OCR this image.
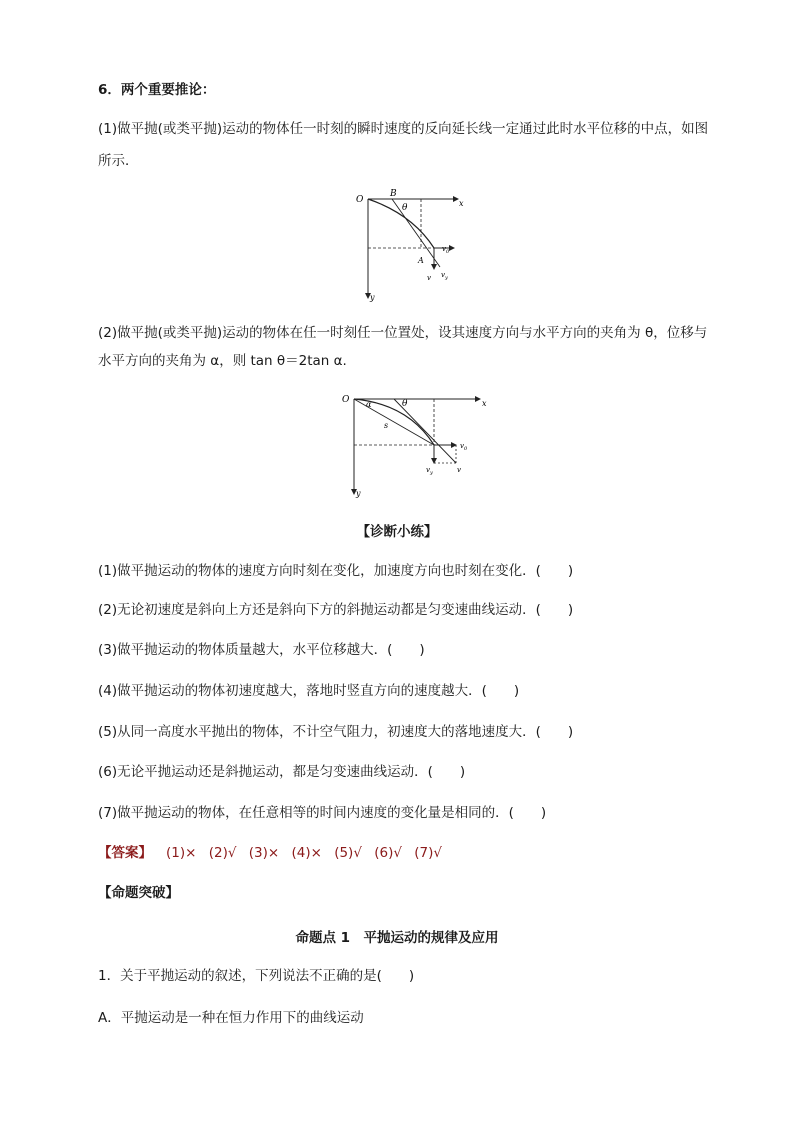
6．两个重要推论：
(1)做平抛(或类平抛)运动的物体任一时刻的瞬时速度的反向延长线一定通过此时水平位移的中点，如图
所示．
O
B
θ	x
y
A
$v_0$
$v_y$
v
(2)做平抛(或类平抛)运动的物体在任一时刻任一位置处，设其速度方向与水平方向的夹角为 θ，位移与
水平方向的夹角为 α，则 tan θ＝2tan α.
O α	θ	x
y
s
$v_0$
$v_y$	v
【诊断小练】
(1)做平抛运动的物体的速度方向时刻在变化，加速度方向也时刻在变化．(　　)
(2)无论初速度是斜向上方还是斜向下方的斜抛运动都是匀变速曲线运动．(　　)
(3)做平抛运动的物体质量越大，水平位移越大．(　　)
(4)做平抛运动的物体初速度越大，落地时竖直方向的速度越大．(　　)
(5)从同一高度水平抛出的物体，不计空气阻力，初速度大的落地速度大．(　　)
(6)无论平抛运动还是斜抛运动，都是匀变速曲线运动．(　　)
(7)做平抛运动的物体，在任意相等的时间内速度的变化量是相同的．(　　)
【答案】 (1)× (2)√ (3)× (4)× (5)√ (6)√ (7)√
【命题突破】
命题点 1　平抛运动的规律及应用
1．关于平抛运动的叙述，下列说法不正确的是(　　)
A．平抛运动是一种在恒力作用下的曲线运动
